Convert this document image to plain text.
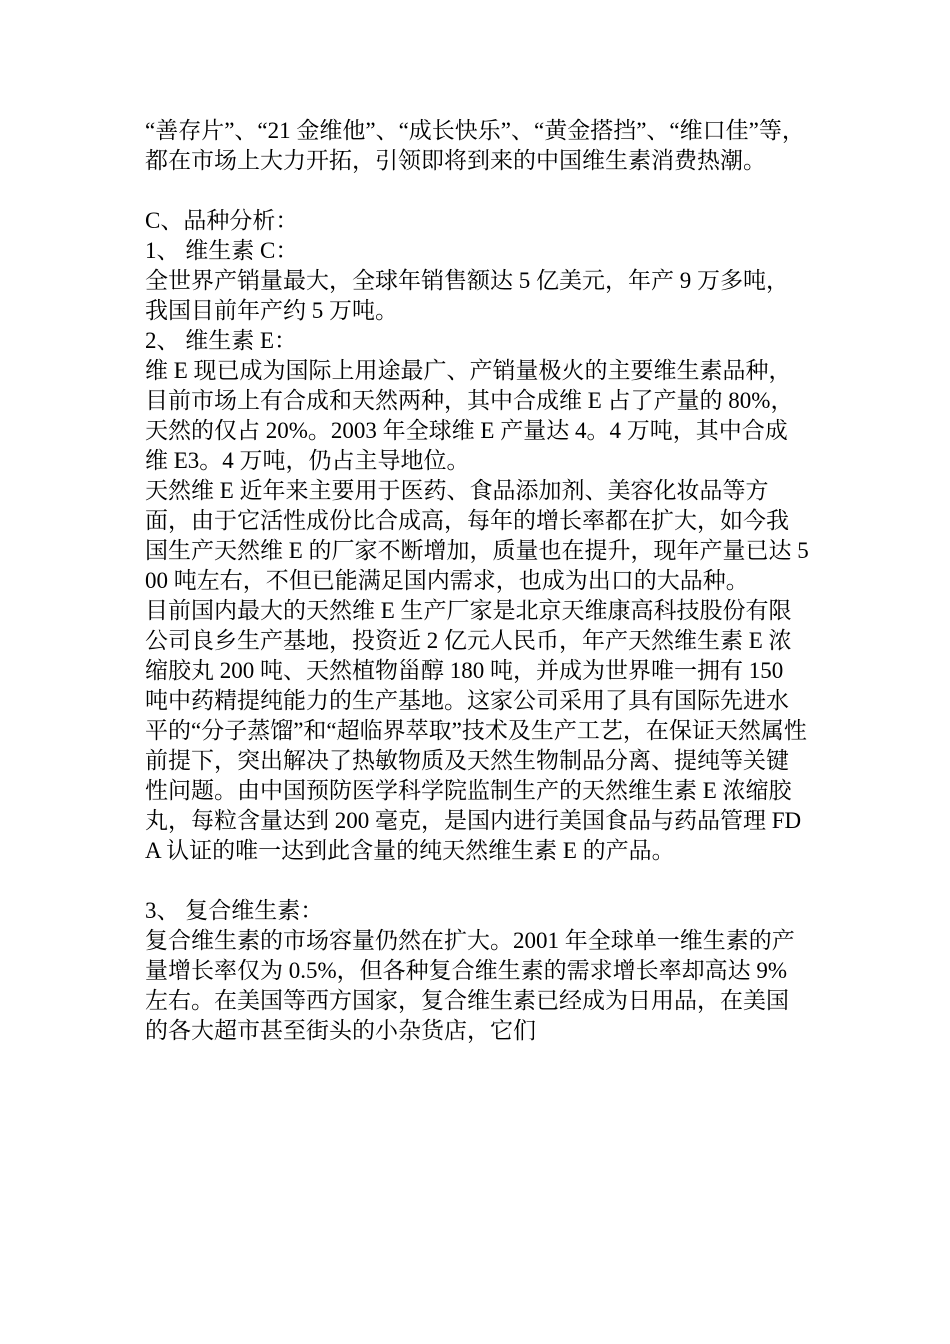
“善存片”、“21 金维他”、“成长快乐”、“黄金搭挡”、“维口佳”等，都在市场上大力开拓，引领即将到来的中国维生素消费热潮。

C、品种分析：

1、 维生素 C：

全世界产销量最大，全球年销售额达 5 亿美元，年产 9 万多吨，

我国目前年产约 5 万吨。

2、 维生素 E：

维 E 现已成为国际上用途最广、产销量极火的主要维生素品种，

目前市场上有合成和天然两种，其中合成维 E 占了产量的 80%，天然的仅占 20%。2003 年全球维 E 产量达 4。4 万吨，其中合成维 E3。4 万吨，仍占主导地位。

天然维 E 近年来主要用于医药、食品添加剂、美容化妆品等方面，由于它活性成份比合成高，每年的增长率都在扩大，如今我国生产天然维 E 的厂家不断增加，质量也在提升，现年产量已达 500 吨左右，不但已能满足国内需求，也成为出口的大品种。

目前国内最大的天然维 E 生产厂家是北京天维康高科技股份有限公司良乡生产基地，投资近 2 亿元人民币，年产天然维生素 E 浓缩胶丸 200 吨、天然植物甾醇 180 吨，并成为世界唯一拥有 150 吨中药精提纯能力的生产基地。这家公司采用了具有国际先进水平的“分子蒸馏”和“超临界萃取”技术及生产工艺，在保证天然属性前提下，突出解决了热敏物质及天然生物制品分离、提纯等关键性问题。由中国预防医学科学院监制生产的天然维生素 E 浓缩胶丸，每粒含量达到 200 毫克，是国内进行美国食品与药品管理 FDA 认证的唯一达到此含量的纯天然维生素 E 的产品。

3、 复合维生素：

复合维生素的市场容量仍然在扩大。2001 年全球单一维生素的产量增长率仅为 0.5%，但各种复合维生素的需求增长率却高达 9%左右。在美国等西方国家，复合维生素已经成为日用品，在美国的各大超市甚至街头的小杂货店，它们
